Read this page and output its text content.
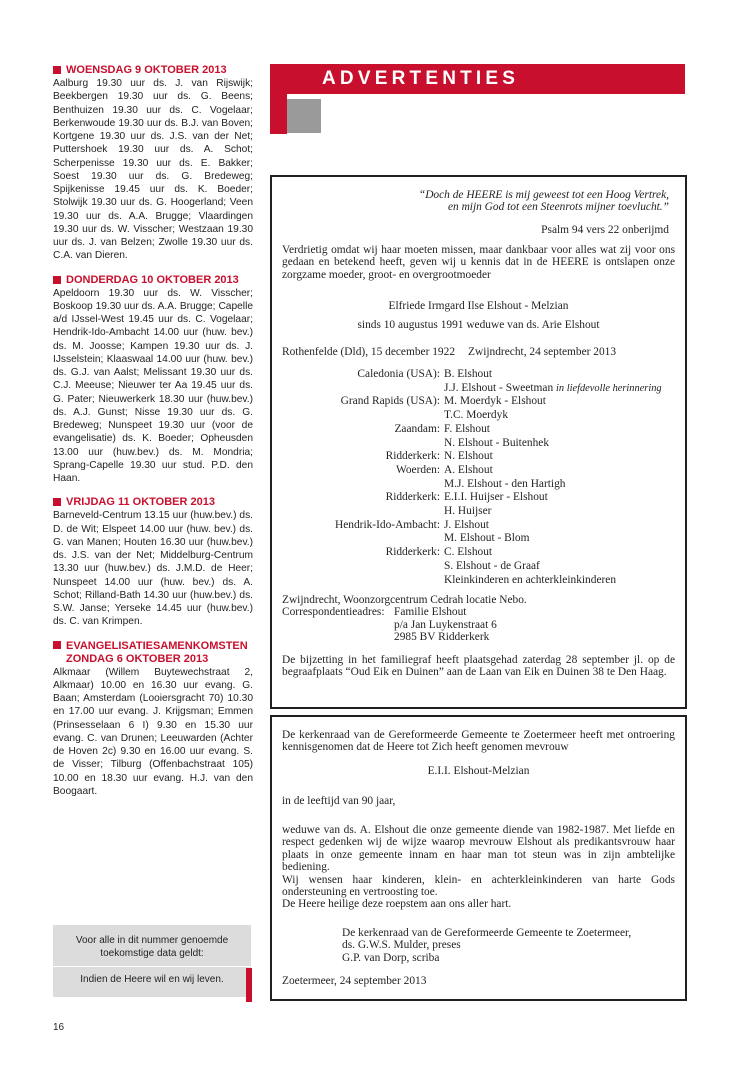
WOENSDAG 9 OKTOBER 2013
Aalburg 19.30 uur ds. J. van Rijswijk; Beekbergen 19.30 uur ds. G. Beens; Benthuizen 19.30 uur ds. C. Vogelaar; Berkenwoude 19.30 uur ds. B.J. van Boven; Kortgene 19.30 uur ds. J.S. van der Net; Puttershoek 19.30 uur ds. A. Schot; Scherpenisse 19.30 uur ds. E. Bakker; Soest 19.30 uur ds. G. Bredeweg; Spijkenisse 19.45 uur ds. K. Boeder; Stolwijk 19.30 uur ds. G. Hoogerland; Veen 19.30 uur ds. A.A. Brugge; Vlaardingen 19.30 uur ds. W. Visscher; Westzaan 19.30 uur ds. J. van Belzen; Zwolle 19.30 uur ds. C.A. van Dieren.
DONDERDAG 10 OKTOBER 2013
Apeldoorn 19.30 uur ds. W. Visscher; Boskoop 19.30 uur ds. A.A. Brugge; Capelle a/d IJssel-West 19.45 uur ds. C. Vogelaar; Hendrik-Ido-Ambacht 14.00 uur (huw. bev.) ds. M. Joosse; Kampen 19.30 uur ds. J. IJsselstein; Klaaswaal 14.00 uur (huw. bev.) ds. G.J. van Aalst; Melissant 19.30 uur ds. C.J. Meeuse; Nieuwer ter Aa 19.45 uur ds. G. Pater; Nieuwerkerk 18.30 uur (huw.bev.) ds. A.J. Gunst; Nisse 19.30 uur ds. G. Bredeweg; Nunspeet 19.30 uur (voor de evangelisatie) ds. K. Boeder; Opheusden 13.00 uur (huw.bev.) ds. M. Mondria; Sprang-Capelle 19.30 uur stud. P.D. den Haan.
VRIJDAG 11 OKTOBER 2013
Barneveld-Centrum 13.15 uur (huw.bev.) ds. D. de Wit; Elspeet 14.00 uur (huw. bev.) ds. G. van Manen; Houten 16.30 uur (huw.bev.) ds. J.S. van der Net; Middelburg-Centrum 13.30 uur (huw.bev.) ds. J.M.D. de Heer; Nunspeet 14.00 uur (huw. bev.) ds. A. Schot; Rilland-Bath 14.30 uur (huw.bev.) ds. S.W. Janse; Yerseke 14.45 uur (huw.bev.) ds. C. van Krimpen.
EVANGELISATIESAMENKOMSTEN
ZONDAG 6 OKTOBER 2013
Alkmaar (Willem Buytewechstraat 2, Alkmaar) 10.00 en 16.30 uur evang. G. Baan; Amsterdam (Looiersgracht 70) 10.30 en 17.00 uur evang. J. Krijgsman; Emmen (Prinsesselaan 6 I) 9.30 en 15.30 uur evang. C. van Drunen; Leeuwarden (Achter de Hoven 2c) 9.30 en 16.00 uur evang. S. de Visser; Tilburg (Offenbachstraat 105) 10.00 en 18.30 uur evang. H.J. van den Boogaart.
Voor alle in dit nummer genoemde
toekomstige data geldt:
Indien de Heere wil en wij leven.
16
ADVERTENTIES
“Doch de HEERE is mij geweest tot een Hoog Vertrek,
en mijn God tot een Steenrots mijner toevlucht.”
Psalm 94 vers 22 onberijmd
Verdrietig omdat wij haar moeten missen, maar dankbaar voor alles wat zij voor ons gedaan en betekend heeft, geven wij u kennis dat in de HEERE is ontslapen onze zorgzame moeder, groot- en overgrootmoeder
Elfriede Irmgard Ilse Elshout - Melzian
sinds 10 augustus 1991 weduwe van ds. Arie Elshout
Rothenfelde (Dld), 15 december 1922 Zwijndrecht, 24 september 2013
Caledonia (USA): B. Elshout
J.J. Elshout - Sweetman in liefdevolle herinnering
Grand Rapids (USA): M. Moerdyk - Elshout
T.C. Moerdyk
Zaandam: F. Elshout
N. Elshout - Buitenhek
Ridderkerk: N. Elshout
Woerden: A. Elshout
M.J. Elshout - den Hartigh
Ridderkerk: E.I.I. Huijser - Elshout
H. Huijser
Hendrik-Ido-Ambacht: J. Elshout
M. Elshout - Blom
Ridderkerk: C. Elshout
S. Elshout - de Graaf
Kleinkinderen en achterkleinkinderen
Zwijndrecht, Woonzorgcentrum Cedrah locatie Nebo.
Correspondentieadres: Familie Elshout
p/a Jan Luykenstraat 6
2985 BV Ridderkerk
De bijzetting in het familiegraf heeft plaatsgehad zaterdag 28 september jl. op de begraafplaats “Oud Eik en Duinen” aan de Laan van Eik en Duinen 38 te Den Haag.
De kerkenraad van de Gereformeerde Gemeente te Zoetermeer heeft met ontroering kennisgenomen dat de Heere tot Zich heeft genomen mevrouw
E.I.I. Elshout-Melzian
in de leeftijd van 90 jaar,
weduwe van ds. A. Elshout die onze gemeente diende van 1982-1987. Met liefde en respect gedenken wij de wijze waarop mevrouw Elshout als predikantsvrouw haar plaats in onze gemeente innam en haar man tot steun was in zijn ambtelijke bediening.
Wij wensen haar kinderen, klein- en achterkleinkinderen van harte Gods ondersteuning en vertroosting toe.
De Heere heilige deze roepstem aan ons aller hart.
De kerkenraad van de Gereformeerde Gemeente te Zoetermeer,
ds. G.W.S. Mulder, preses
G.P. van Dorp, scriba
Zoetermeer, 24 september 2013
